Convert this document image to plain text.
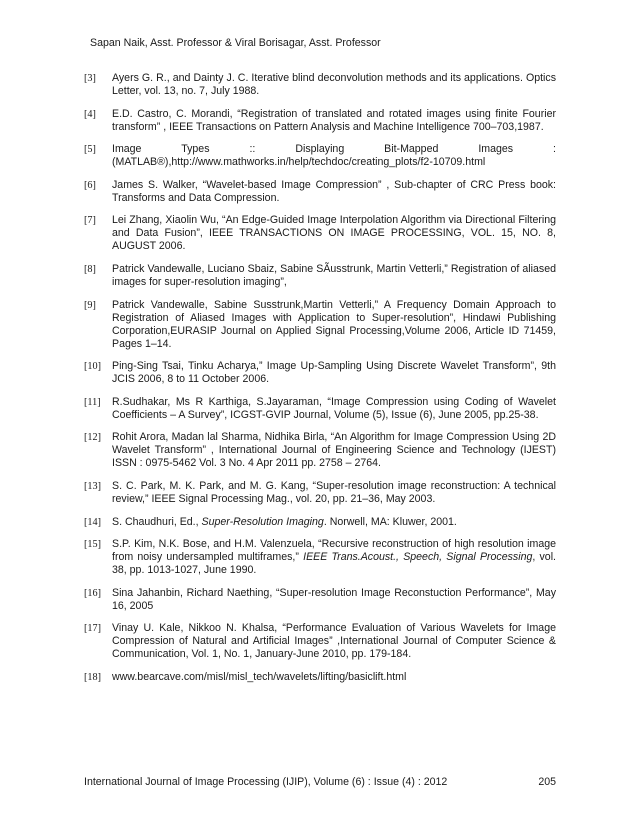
Sapan Naik, Asst. Professor & Viral Borisagar, Asst. Professor
[3]	Ayers G. R., and Dainty J. C. Iterative blind deconvolution methods and its applications. Optics Letter, vol. 13, no. 7, July 1988.
[4]	E.D. Castro, C. Morandi, “Registration of translated and rotated images using finite Fourier transform” , IEEE Transactions on Pattern Analysis and Machine Intelligence 700–703,1987.
[5]	Image Types :: Displaying Bit-Mapped Images : (MATLAB®),http://www.mathworks.in/help/techdoc/creating_plots/f2-10709.html
[6]	James S. Walker, “Wavelet-based Image Compression” , Sub-chapter of CRC Press book: Transforms and Data Compression.
[7]	Lei Zhang, Xiaolin Wu, “An Edge-Guided Image Interpolation Algorithm via Directional Filtering and Data Fusion”, IEEE TRANSACTIONS ON IMAGE PROCESSING, VOL. 15, NO. 8, AUGUST 2006.
[8]	Patrick Vandewalle, Luciano Sbaiz, Sabine SÃusstrunk, Martin Vetterli,” Registration of aliased images for super-resolution imaging”,
[9]	Patrick Vandewalle, Sabine Susstrunk,Martin Vetterli,” A Frequency Domain Approach to Registration of Aliased Images with Application to Super-resolution”, Hindawi Publishing Corporation,EURASIP Journal on Applied Signal Processing,Volume 2006, Article ID 71459, Pages 1–14.
[10]	Ping-Sing Tsai, Tinku Acharya,” Image Up-Sampling Using Discrete Wavelet Transform”, 9th JCIS 2006, 8 to 11 October 2006.
[11]	R.Sudhakar, Ms R Karthiga, S.Jayaraman, “Image Compression using Coding of Wavelet Coefficients – A Survey”, ICGST-GVIP Journal, Volume (5), Issue (6), June 2005, pp.25-38.
[12]	Rohit Arora, Madan lal Sharma, Nidhika Birla, “An Algorithm for Image Compression Using 2D Wavelet Transform” , International Journal of Engineering Science and Technology (IJEST) ISSN : 0975-5462 Vol. 3 No. 4 Apr 2011 pp. 2758 – 2764.
[13]	S. C. Park, M. K. Park, and M. G. Kang, “Super-resolution image reconstruction: A technical review,” IEEE Signal Processing Mag., vol. 20, pp. 21–36, May 2003.
[14]	S. Chaudhuri, Ed., Super-Resolution Imaging. Norwell, MA: Kluwer, 2001.
[15]	S.P. Kim, N.K. Bose, and H.M. Valenzuela, “Recursive reconstruction of high resolution image from noisy undersampled multiframes,” IEEE Trans.Acoust., Speech, Signal Processing, vol. 38, pp. 1013-1027, June 1990.
[16]	Sina Jahanbin, Richard Naething, “Super-resolution Image Reconstuction Performance”, May 16, 2005
[17]	Vinay U. Kale, Nikkoo N. Khalsa, “Performance Evaluation of Various Wavelets for Image Compression of Natural and Artificial Images” ,International Journal of Computer Science & Communication, Vol. 1, No. 1, January-June 2010, pp. 179-184.
[18]	www.bearcave.com/misl/misl_tech/wavelets/lifting/basiclift.html
International Journal of Image Processing (IJIP), Volume (6) : Issue (4) : 2012	205
